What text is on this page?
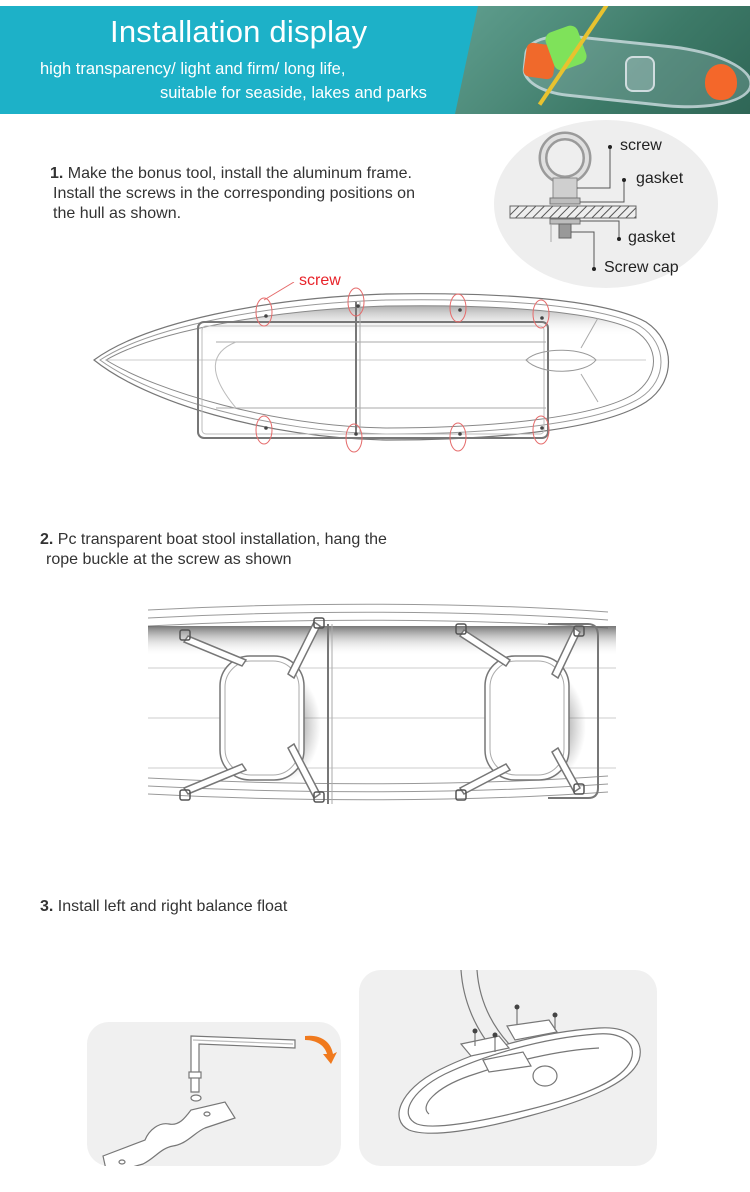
Installation display
high transparency/ light and firm/ long life,
suitable for seaside, lakes and parks
1. Make the bonus tool, install the aluminum frame.
Install the screws in the corresponding positions on
the hull as shown.
screw
gasket
gasket
Screw cap
screw
2. Pc transparent boat stool installation, hang the
rope buckle at the screw as shown
3. Install left and right balance float
